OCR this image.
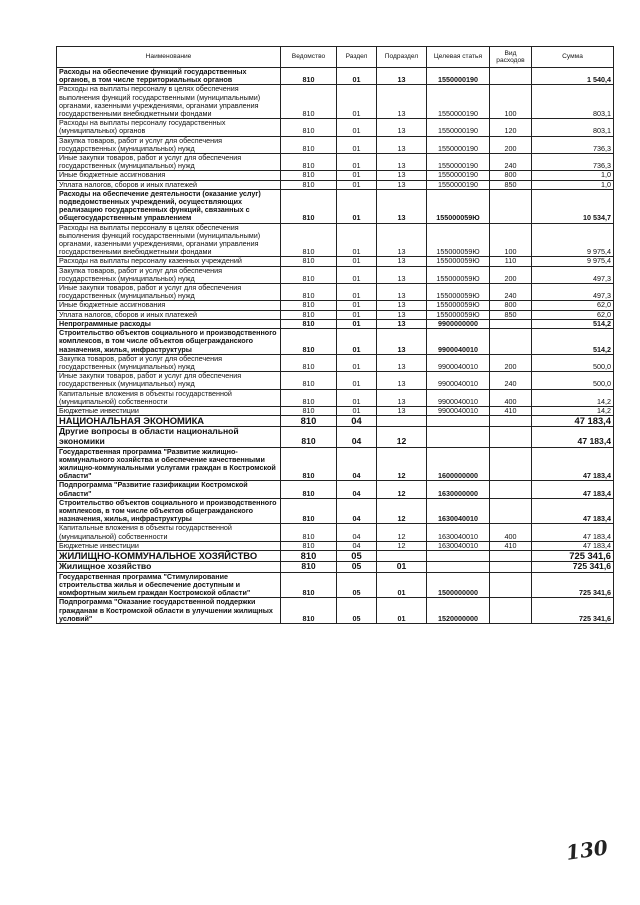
Наименование	Ведомство	Раздел	Подраздел	Целевая статья	Вид расходов	Сумма
Расходы на обеспечение функций государственных органов, в том числе территориальных органов	810	01	13	1550000190		1 540,4
Расходы на выплаты персоналу в целях обеспечения выполнения функций государственными (муниципальными) органами, казенными учреждениями, органами управления государственными внебюджетными фондами	810	01	13	1550000190	100	803,1
Расходы на выплаты персоналу государственных (муниципальных) органов	810	01	13	1550000190	120	803,1
Закупка товаров, работ и услуг для обеспечения государственных (муниципальных) нужд	810	01	13	1550000190	200	736,3
Иные закупки товаров, работ и услуг для обеспечения государственных (муниципальных) нужд	810	01	13	1550000190	240	736,3
Иные бюджетные ассигнования	810	01	13	1550000190	800	1,0
Уплата налогов, сборов и иных платежей	810	01	13	1550000190	850	1,0
Расходы на обеспечение деятельности (оказание услуг) подведомственных учреждений, осуществляющих реализацию государственных функций, связанных с общегосударственным управлением	810	01	13	155000059Ю		10 534,7
Расходы на выплаты персоналу в целях обеспечения выполнения функций государственными (муниципальными) органами, казенными учреждениями, органами управления государственными внебюджетными фондами	810	01	13	155000059Ю	100	9 975,4
Расходы на выплаты персоналу казенных учреждений	810	01	13	155000059Ю	110	9 975,4
Закупка товаров, работ и услуг для обеспечения государственных (муниципальных) нужд	810	01	13	155000059Ю	200	497,3
Иные закупки товаров, работ и услуг для обеспечения государственных (муниципальных) нужд	810	01	13	155000059Ю	240	497,3
Иные бюджетные ассигнования	810	01	13	155000059Ю	800	62,0
Уплата налогов, сборов и иных платежей	810	01	13	155000059Ю	850	62,0
Непрограммные расходы	810	01	13	9900000000		514,2
Строительство объектов социального и производственного комплексов, в том числе объектов общегражданского назначения, жилья, инфраструктуры	810	01	13	9900040010		514,2
Закупка товаров, работ и услуг для обеспечения государственных (муниципальных) нужд	810	01	13	9900040010	200	500,0
Иные закупки товаров, работ и услуг для обеспечения государственных (муниципальных) нужд	810	01	13	9900040010	240	500,0
Капитальные вложения в объекты государственной (муниципальной) собственности	810	01	13	9900040010	400	14,2
Бюджетные инвестиции	810	01	13	9900040010	410	14,2
НАЦИОНАЛЬНАЯ ЭКОНОМИКА	810	04				47 183,4
Другие вопросы в области национальной экономики	810	04	12			47 183,4
Государственная программа "Развитие жилищно-коммунального хозяйства и обеспечение качественными жилищно-коммунальными услугами граждан в Костромской области"	810	04	12	1600000000		47 183,4
Подпрограмма "Развитие газификации Костромской области"	810	04	12	1630000000		47 183,4
Строительство объектов социального и производственного комплексов, в том числе объектов общегражданского назначения, жилья, инфраструктуры	810	04	12	1630040010		47 183,4
Капитальные вложения в объекты государственной (муниципальной) собственности	810	04	12	1630040010	400	47 183,4
Бюджетные инвестиции	810	04	12	1630040010	410	47 183,4
ЖИЛИЩНО-КОММУНАЛЬНОЕ ХОЗЯЙСТВО	810	05				725 341,6
Жилищное хозяйство	810	05	01			725 341,6
Государственная программа "Стимулирование строительства жилья и обеспечение доступным и комфортным жильем граждан Костромской области"	810	05	01	1500000000		725 341,6
Подпрограмма "Оказание государственной поддержки гражданам в Костромской области в улучшении жилищных условий"	810	05	01	1520000000		725 341,6
130
